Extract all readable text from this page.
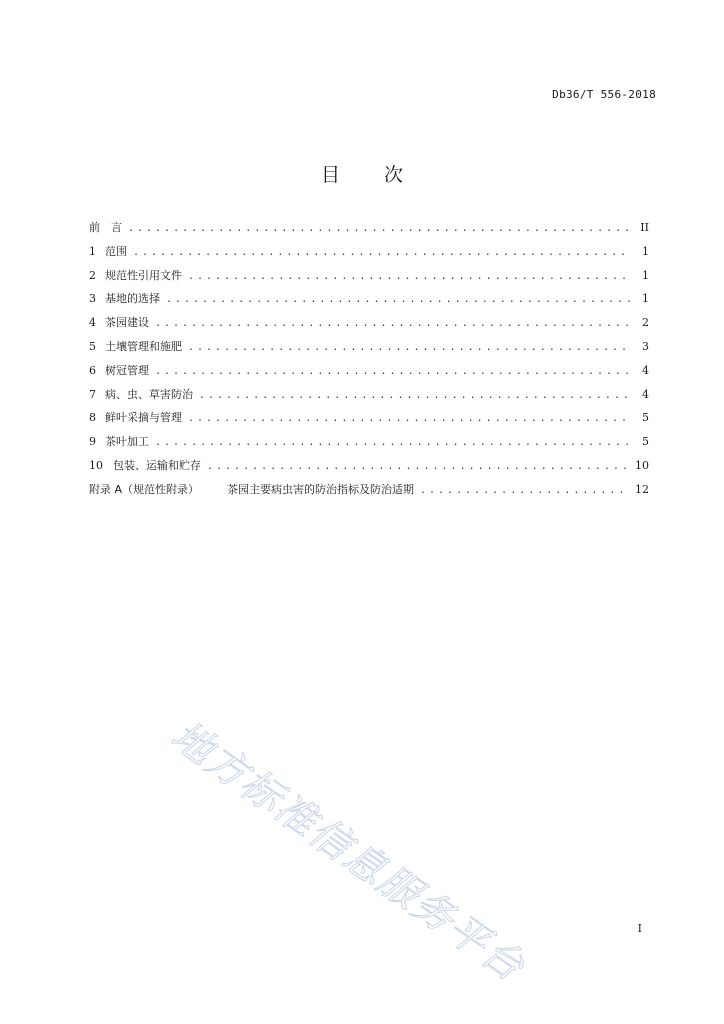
Db36/T 556-2018
目 次
前 言 .....	II
1 范围 .....	1
2 规范性引用文件 .....	1
3 基地的选择 .....	1
4 茶园建设 .....	2
5 土壤管理和施肥 .....	3
6 树冠管理 .....	4
7 病、虫、草害防治 .....	4
8 鲜叶采摘与管理 .....	5
9 茶叶加工 .....	5
10 包装、运输和贮存 .....	10
附录 A（规范性附录）	茶园主要病虫害的防治指标及防治适期 .....	12
地方标准信息服务平台	I
